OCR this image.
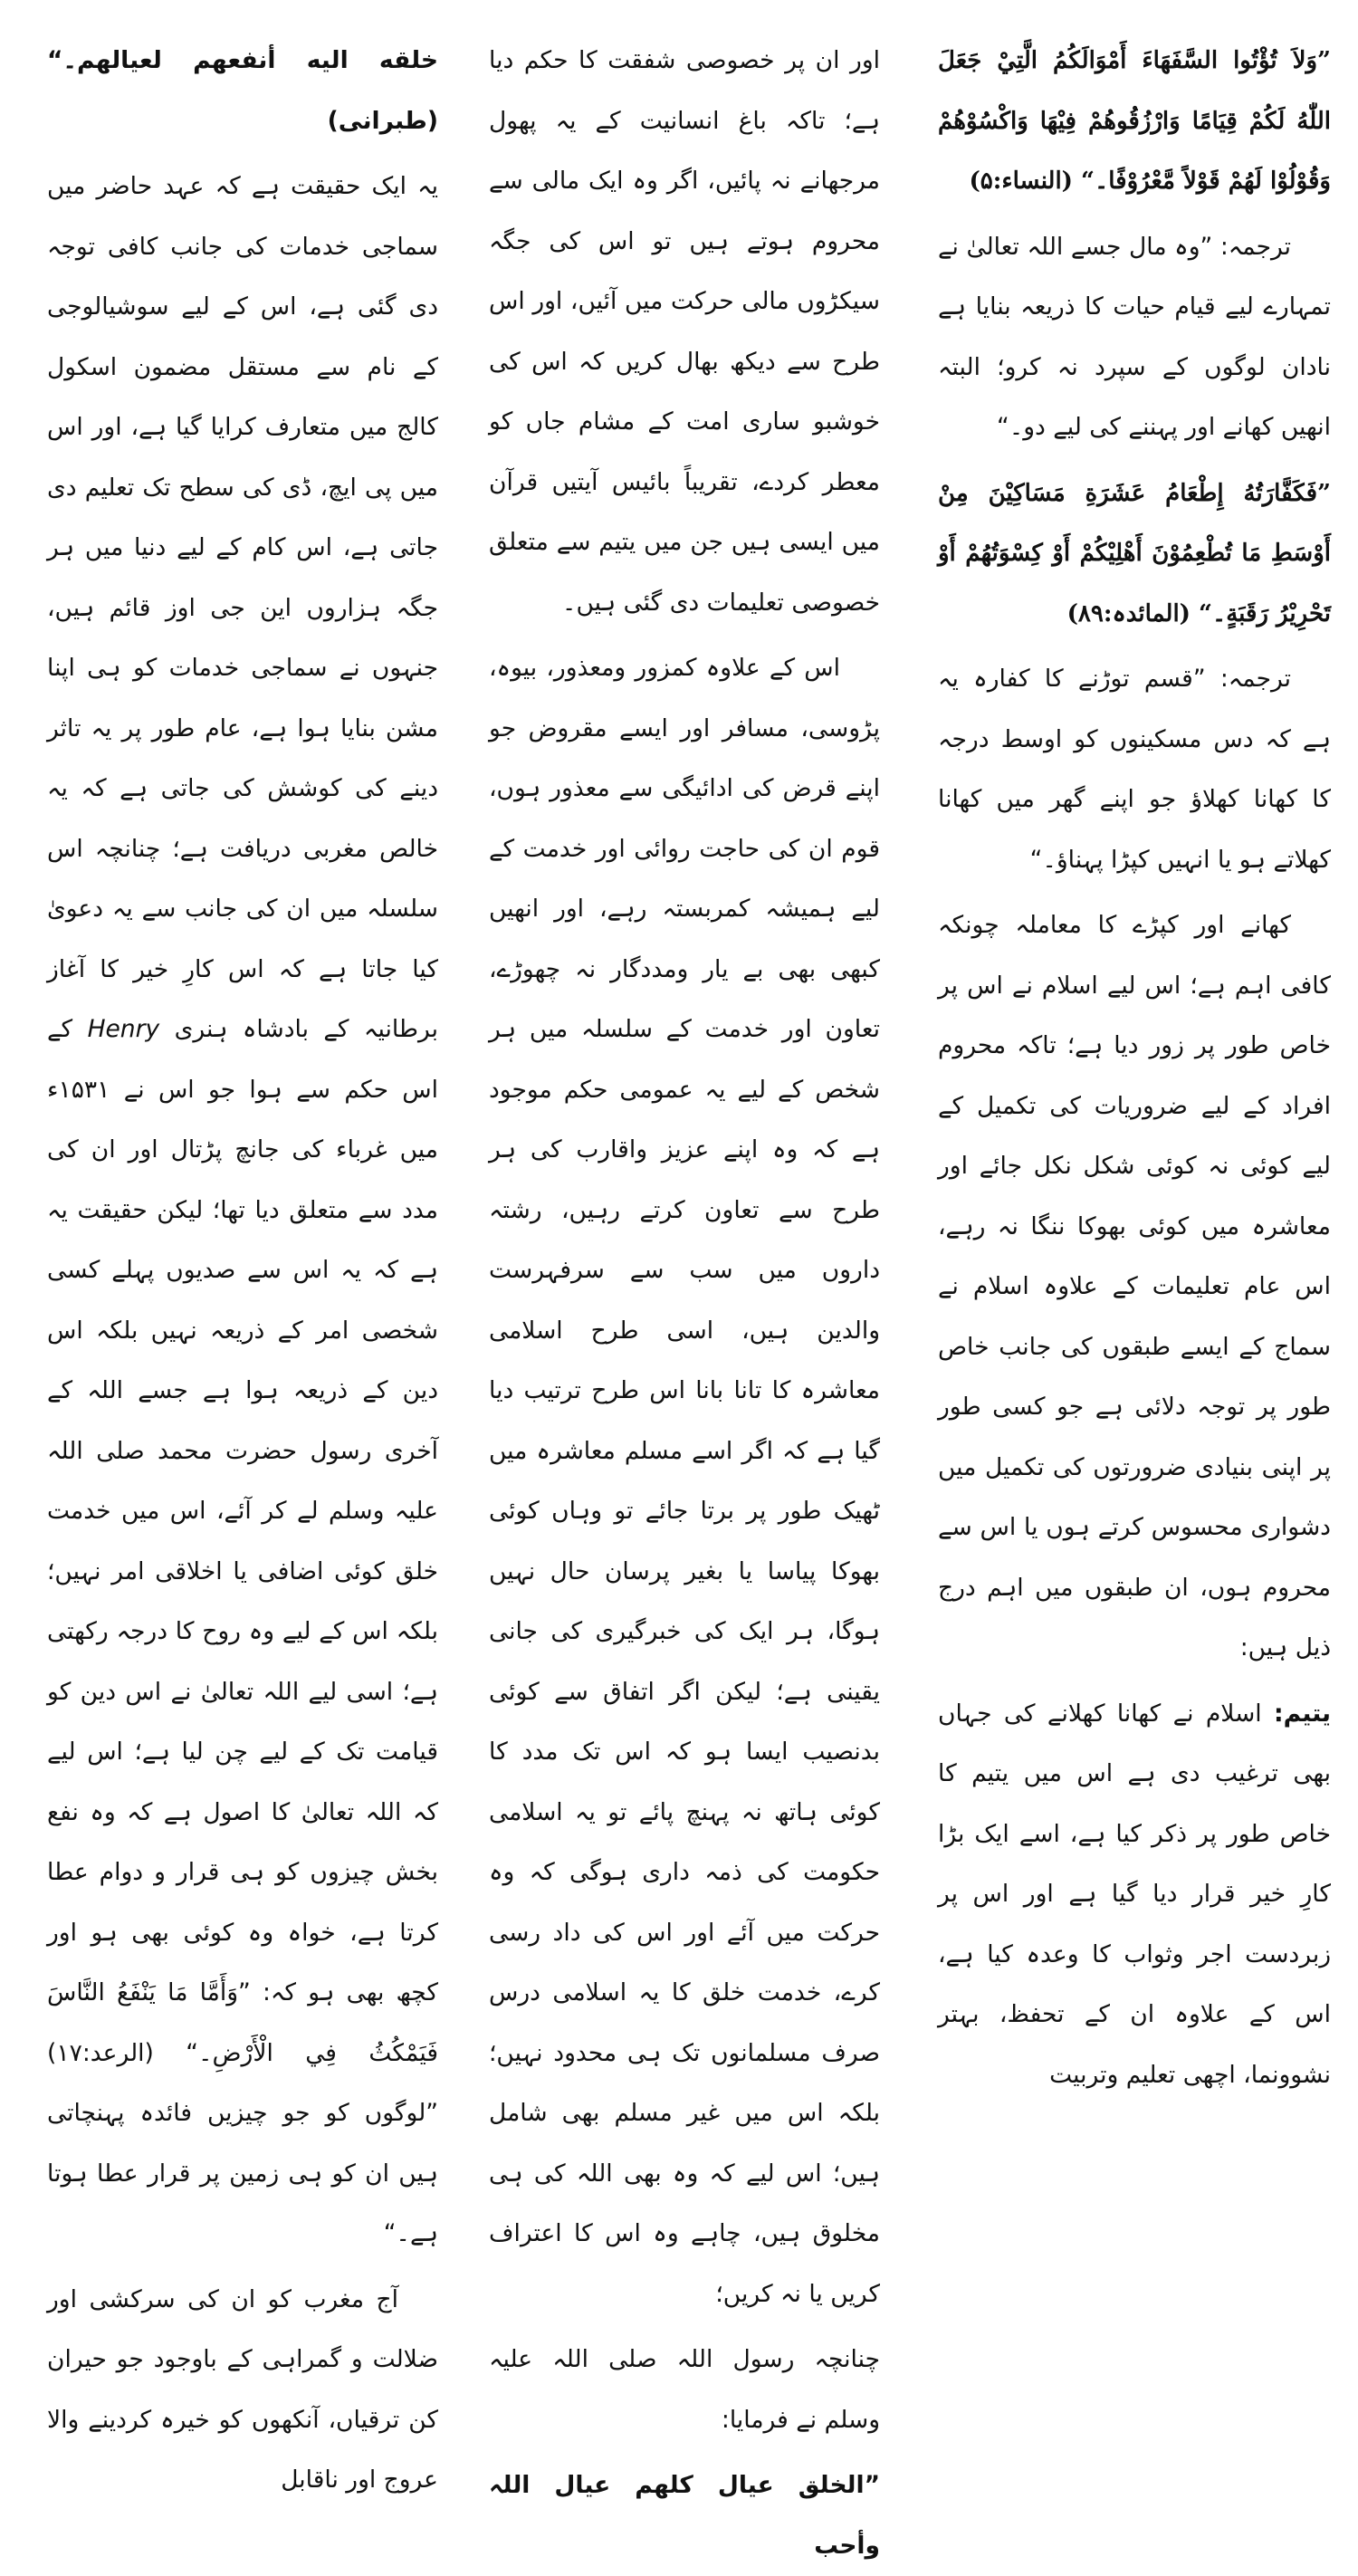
”وَلاَ تُؤْتُوا السَّفَهَاءَ أَمْوَالَكُمُ الَّتِيْ جَعَلَ اللّٰهُ لَكُمْ قِيَامًا وَارْزُقُوهُمْ فِيْهَا وَاكْسُوْهُمْ وَقُوْلُوْا لَهُمْ قَوْلاً مَّعْرُوْفًا۔“ (النساء:۵)

ترجمہ: ”وہ مال جسے اللہ تعالیٰ نے تمہارے لیے قیام حیات کا ذریعہ بنایا ہے نادان لوگوں کے سپرد نہ کرو؛ البتہ انھیں کھانے اور پہننے کی لیے دو۔“

”فَكَفَّارَتُهُ إِطْعَامُ عَشَرَةِ مَسَاكِيْنَ مِنْ أَوْسَطِ مَا تُطْعِمُوْنَ أَهْلِيْكُمْ أَوْ كِسْوَتُهُمْ أَوْ تَحْرِيْرُ رَقَبَةٍ۔“ (المائدہ:۸۹)

ترجمہ: ”قسم توڑنے کا کفارہ یہ ہے کہ دس مسکینوں کو اوسط درجہ کا کھانا کھلاؤ جو اپنے گھر میں کھانا کھلاتے ہو یا انہیں کپڑا پہناؤ۔“

کھانے اور کپڑے کا معاملہ چونکہ کافی اہم ہے؛ اس لیے اسلام نے اس پر خاص طور پر زور دیا ہے؛ تاکہ محروم افراد کے لیے ضروریات کی تکمیل کے لیے کوئی نہ کوئی شکل نکل جائے اور معاشرہ میں کوئی بھوکا ننگا نہ رہے، اس عام تعلیمات کے علاوہ اسلام نے سماج کے ایسے طبقوں کی جانب خاص طور پر توجہ دلائی ہے جو کسی طور پر اپنی بنیادی ضرورتوں کی تکمیل میں دشواری محسوس کرتے ہوں یا اس سے محروم ہوں، ان طبقوں میں اہم درج ذیل ہیں:

یتیم: اسلام نے کھانا کھلانے کی جہاں بھی ترغیب دی ہے اس میں یتیم کا خاص طور پر ذکر کیا ہے، اسے ایک بڑا کارِ خیر قرار دیا گیا ہے اور اس پر زبردست اجر وثواب کا وعدہ کیا ہے، اس کے علاوہ ان کے تحفظ، بہتر نشوونما، اچھی تعلیم وتربیت

اور ان پر خصوصی شفقت کا حکم دیا ہے؛ تاکہ باغ انسانیت کے یہ پھول مرجھانے نہ پائیں، اگر وہ ایک مالی سے محروم ہوتے ہیں تو اس کی جگہ سیکڑوں مالی حرکت میں آئیں، اور اس طرح سے دیکھ بھال کریں کہ اس کی خوشبو ساری امت کے مشام جاں کو معطر کردے، تقریباً بائیس آیتیں قرآن میں ایسی ہیں جن میں یتیم سے متعلق خصوصی تعلیمات دی گئی ہیں۔

اس کے علاوہ کمزور ومعذور، بیوہ، پڑوسی، مسافر اور ایسے مقروض جو اپنے قرض کی ادائیگی سے معذور ہوں، قوم ان کی حاجت روائی اور خدمت کے لیے ہمیشہ کمربستہ رہے، اور انھیں کبھی بھی بے یار ومددگار نہ چھوڑے، تعاون اور خدمت کے سلسلہ میں ہر شخص کے لیے یہ عمومی حکم موجود ہے کہ وہ اپنے عزیز واقارب کی ہر طرح سے تعاون کرتے رہیں، رشتہ داروں میں سب سے سرفہرست والدین ہیں، اسی طرح اسلامی معاشرہ کا تانا بانا اس طرح ترتیب دیا گیا ہے کہ اگر اسے مسلم معاشرہ میں ٹھیک طور پر برتا جائے تو وہاں کوئی بھوکا پیاسا یا بغیر پرسان حال نہیں ہوگا، ہر ایک کی خبرگیری کی جانی یقینی ہے؛ لیکن اگر اتفاق سے کوئی بدنصیب ایسا ہو کہ اس تک مدد کا کوئی ہاتھ نہ پہنچ پائے تو یہ اسلامی حکومت کی ذمہ داری ہوگی کہ وہ حرکت میں آئے اور اس کی داد رسی کرے، خدمت خلق کا یہ اسلامی درس صرف مسلمانوں تک ہی محدود نہیں؛ بلکہ اس میں غیر مسلم بھی شامل ہیں؛ اس لیے کہ وہ بھی اللہ کی ہی مخلوق ہیں، چاہے وہ اس کا اعتراف کریں یا نہ کریں؛

چنانچہ رسول اللہ صلی اللہ علیہ وسلم نے فرمایا:

”الخلق عیال کلھم عیال اللہ وأحب

خلقه اليه أنفعهم لعيالهم۔“ (طبرانی)

یہ ایک حقیقت ہے کہ عہد حاضر میں سماجی خدمات کی جانب کافی توجہ دی گئی ہے، اس کے لیے سوشیالوجی کے نام سے مستقل مضمون اسکول کالج میں متعارف کرایا گیا ہے، اور اس میں پی ایچ، ڈی کی سطح تک تعلیم دی جاتی ہے، اس کام کے لیے دنیا میں ہر جگہ ہزاروں این جی اوز قائم ہیں، جنہوں نے سماجی خدمات کو ہی اپنا مشن بنایا ہوا ہے، عام طور پر یہ تاثر دینے کی کوشش کی جاتی ہے کہ یہ خالص مغربی دریافت ہے؛ چنانچہ اس سلسلہ میں ان کی جانب سے یہ دعویٰ کیا جاتا ہے کہ اس کارِ خیر کا آغاز برطانیہ کے بادشاہ ہنری Henry کے اس حکم سے ہوا جو اس نے ۱۵۳۱ء میں غرباء کی جانچ پڑتال اور ان کی مدد سے متعلق دیا تھا؛ لیکن حقیقت یہ ہے کہ یہ اس سے صدیوں پہلے کسی شخصی امر کے ذریعہ نہیں بلکہ اس دین کے ذریعہ ہوا ہے جسے اللہ کے آخری رسول حضرت محمد صلی اللہ علیہ وسلم لے کر آئے، اس میں خدمت خلق کوئی اضافی یا اخلاقی امر نہیں؛ بلکہ اس کے لیے وہ روح کا درجہ رکھتی ہے؛ اسی لیے اللہ تعالیٰ نے اس دین کو قیامت تک کے لیے چن لیا ہے؛ اس لیے کہ اللہ تعالیٰ کا اصول ہے کہ وہ نفع بخش چیزوں کو ہی قرار و دوام عطا کرتا ہے، خواہ وہ کوئی بھی ہو اور کچھ بھی ہو کہ: ”وَأَمَّا مَا يَنْفَعُ النَّاسَ فَيَمْكُثُ فِي الْأَرْضِ۔“ (الرعد:۱۷) ”لوگوں کو جو چیزیں فائدہ پہنچاتی ہیں ان کو ہی زمین پر قرار عطا ہوتا ہے۔“

آج مغرب کو ان کی سرکشی اور ضلالت و گمراہی کے باوجود جو حیران کن ترقیاں، آنکھوں کو خیرہ کردینے والا عروج اور ناقابل
